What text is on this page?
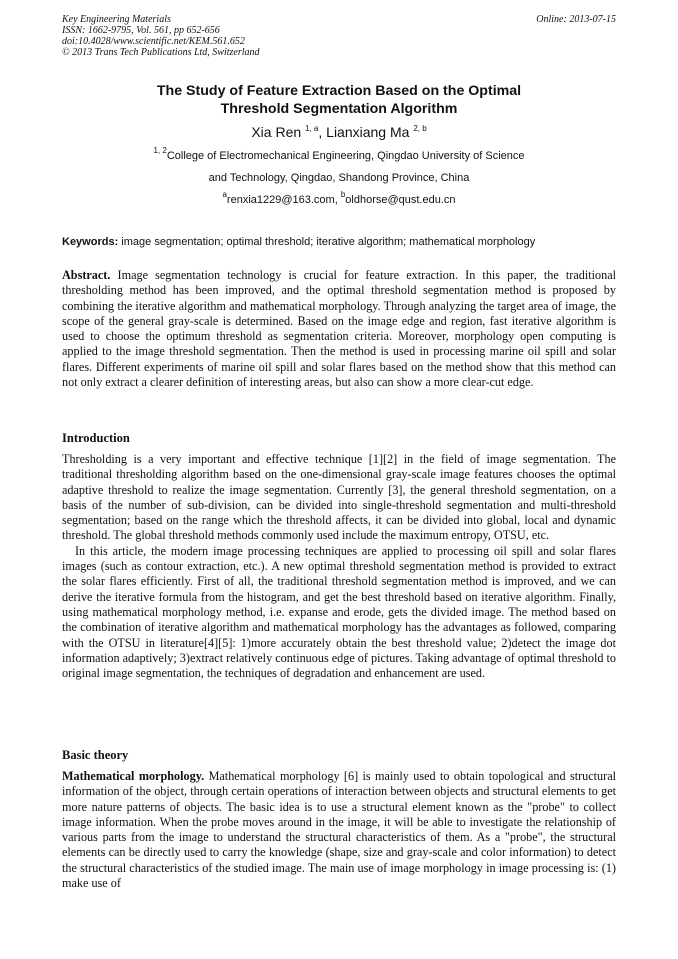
Key Engineering Materials
ISSN: 1662-9795, Vol. 561, pp 652-656
doi:10.4028/www.scientific.net/KEM.561.652
© 2013 Trans Tech Publications Ltd, Switzerland
Online: 2013-07-15
The Study of Feature Extraction Based on the Optimal
Threshold Segmentation Algorithm
Xia Ren $^{1, a}$, Lianxiang Ma $^{2, b}$
$^{1, 2}$College of Electromechanical Engineering, Qingdao University of Science
and Technology, Qingdao, Shandong Province, China
$^a$renxia1229@163.com, $^b$oldhorse@qust.edu.cn
Keywords: image segmentation; optimal threshold; iterative algorithm; mathematical morphology

Abstract. Image segmentation technology is crucial for feature extraction. In this paper, the traditional thresholding method has been improved, and the optimal threshold segmentation method is proposed by combining the iterative algorithm and mathematical morphology. Through analyzing the target area of image, the scope of the general gray-scale is determined. Based on the image edge and region, fast iterative algorithm is used to choose the optimum threshold as segmentation criteria. Moreover, morphology open computing is applied to the image threshold segmentation. Then the method is used in processing marine oil spill and solar flares. Different experiments of marine oil spill and solar flares based on the method show that this method can not only extract a clearer definition of interesting areas, but also can show a more clear-cut edge.

Introduction

Thresholding is a very important and effective technique [1][2] in the field of image segmentation. The traditional thresholding algorithm based on the one-dimensional gray-scale image features chooses the optimal adaptive threshold to realize the image segmentation. Currently [3], the general threshold segmentation, on a basis of the number of sub-division, can be divided into single-threshold segmentation and multi-threshold segmentation; based on the range which the threshold affects, it can be divided into global, local and dynamic threshold. The global threshold methods commonly used include the maximum entropy, OTSU, etc.

In this article, the modern image processing techniques are applied to processing oil spill and solar flares images (such as contour extraction, etc.). A new optimal threshold segmentation method is provided to extract the solar flares efficiently. First of all, the traditional threshold segmentation method is improved, and we can derive the iterative formula from the histogram, and get the best threshold based on iterative algorithm. Finally, using mathematical morphology method, i.e. expanse and erode, gets the divided image. The method based on the combination of iterative algorithm and mathematical morphology has the advantages as followed, comparing with the OTSU in literature[4][5]: 1)more accurately obtain the best threshold value; 2)detect the image dot information adaptively; 3)extract relatively continuous edge of pictures. Taking advantage of optimal threshold to original image segmentation, the techniques of degradation and enhancement are used.

Basic theory

Mathematical morphology. Mathematical morphology [6] is mainly used to obtain topological and structural information of the object, through certain operations of interaction between objects and structural elements to get more nature patterns of objects. The basic idea is to use a structural element known as the "probe" to collect image information. When the probe moves around in the image, it will be able to investigate the relationship of various parts from the image to understand the structural characteristics of them. As a "probe", the structural elements can be directly used to carry the knowledge (shape, size and gray-scale and color information) to detect the structural characteristics of the studied image. The main use of image morphology in image processing is: (1) make use of
